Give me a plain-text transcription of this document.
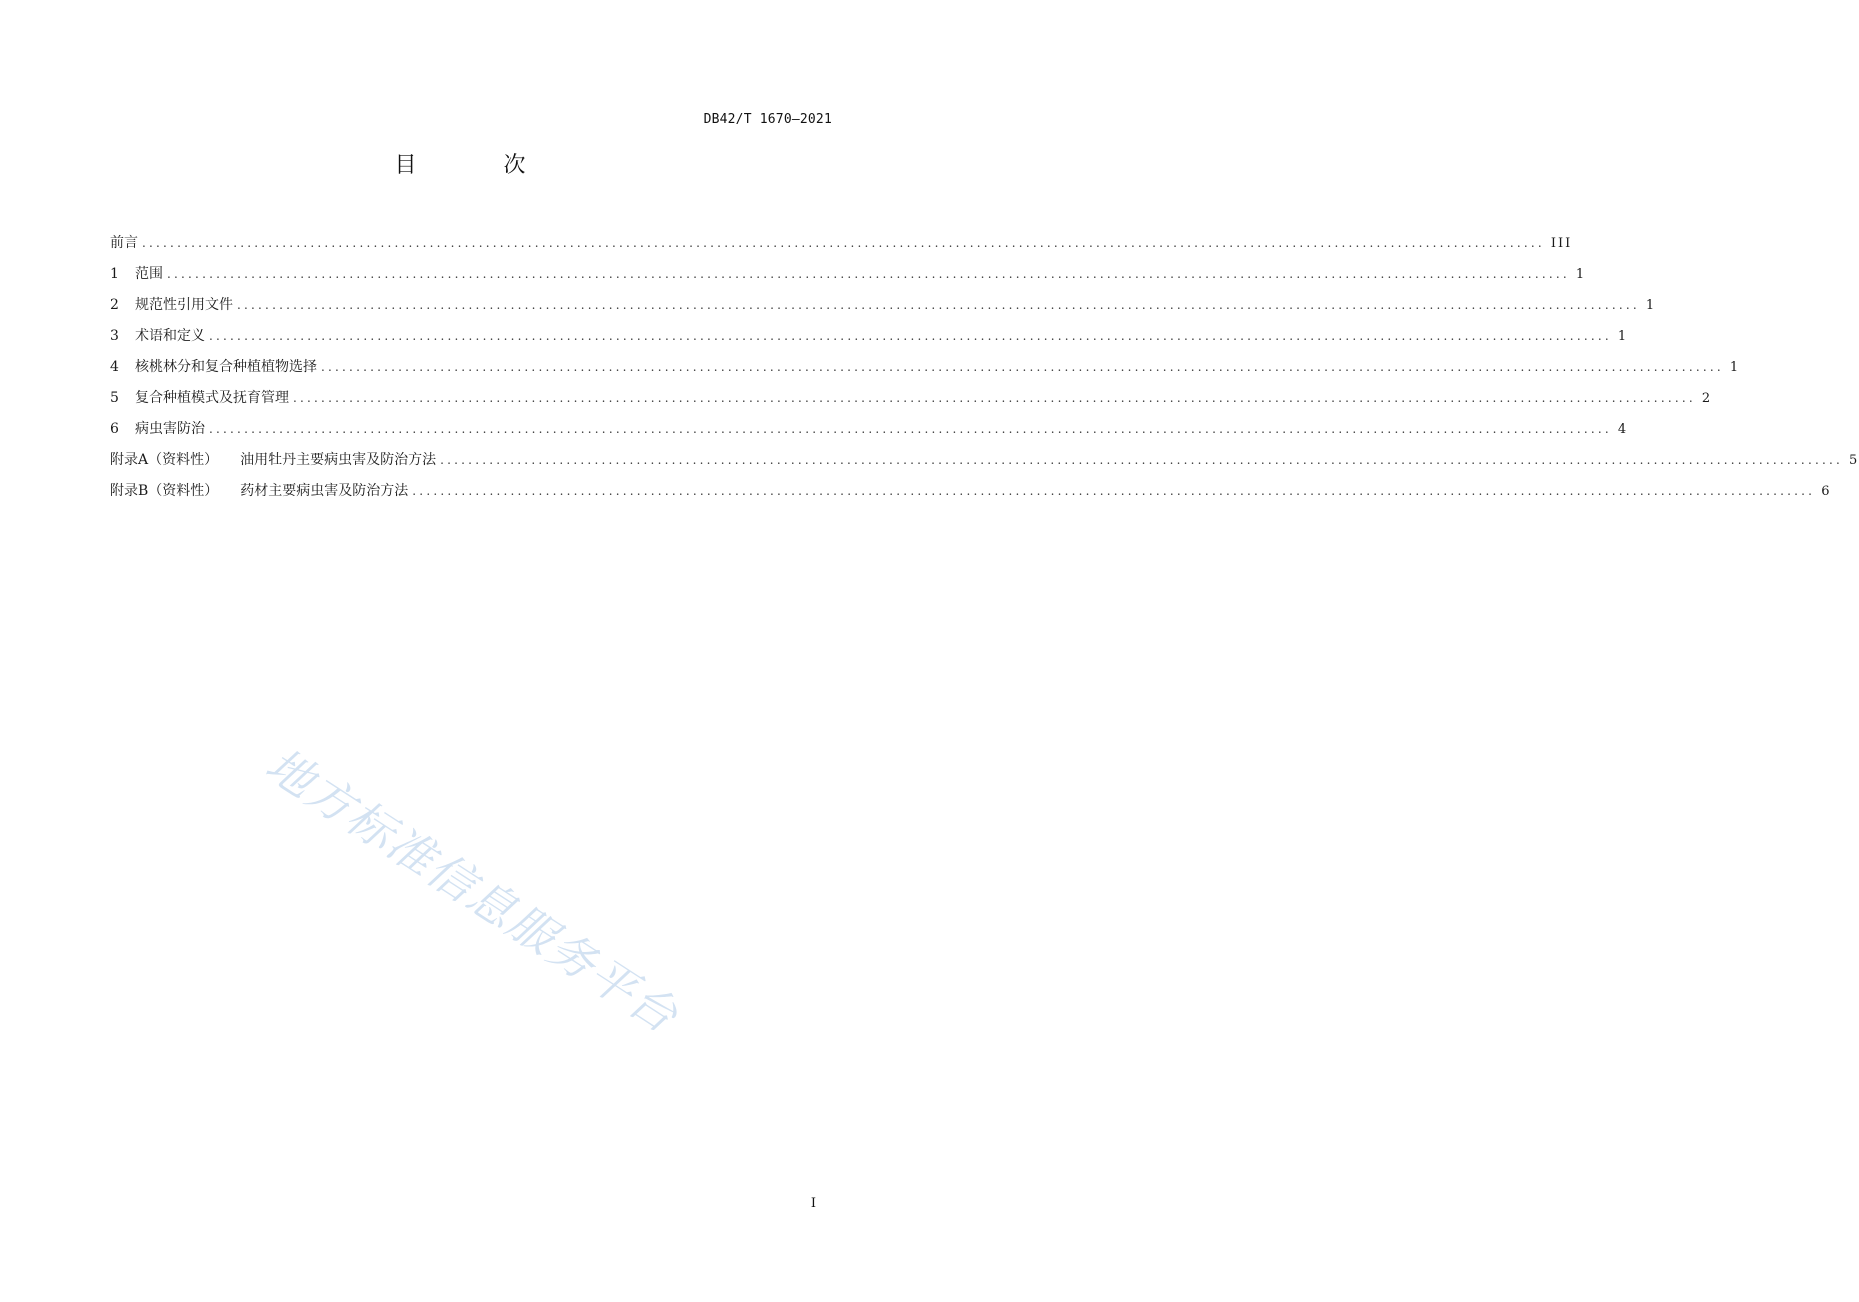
DB42/T 1670—2021
目 次
前言 ........................................................................................................................................................................................................ III
1 范围 ........................................................................................................................................................................................................ 1
2 规范性引用文件 ........................................................................................................................................................................................................ 1
3 术语和定义 ........................................................................................................................................................................................................ 1
4 核桃林分和复合种植植物选择 ........................................................................................................................................................................................................ 1
5 复合种植模式及抚育管理 ........................................................................................................................................................................................................ 2
6 病虫害防治 ........................................................................................................................................................................................................ 4
附录A（资料性） 油用牡丹主要病虫害及防治方法 ........................................................................................................................................................................................................ 5
附录B（资料性） 药材主要病虫害及防治方法 ........................................................................................................................................................................................................ 6
地方标准信息服务平台
I
